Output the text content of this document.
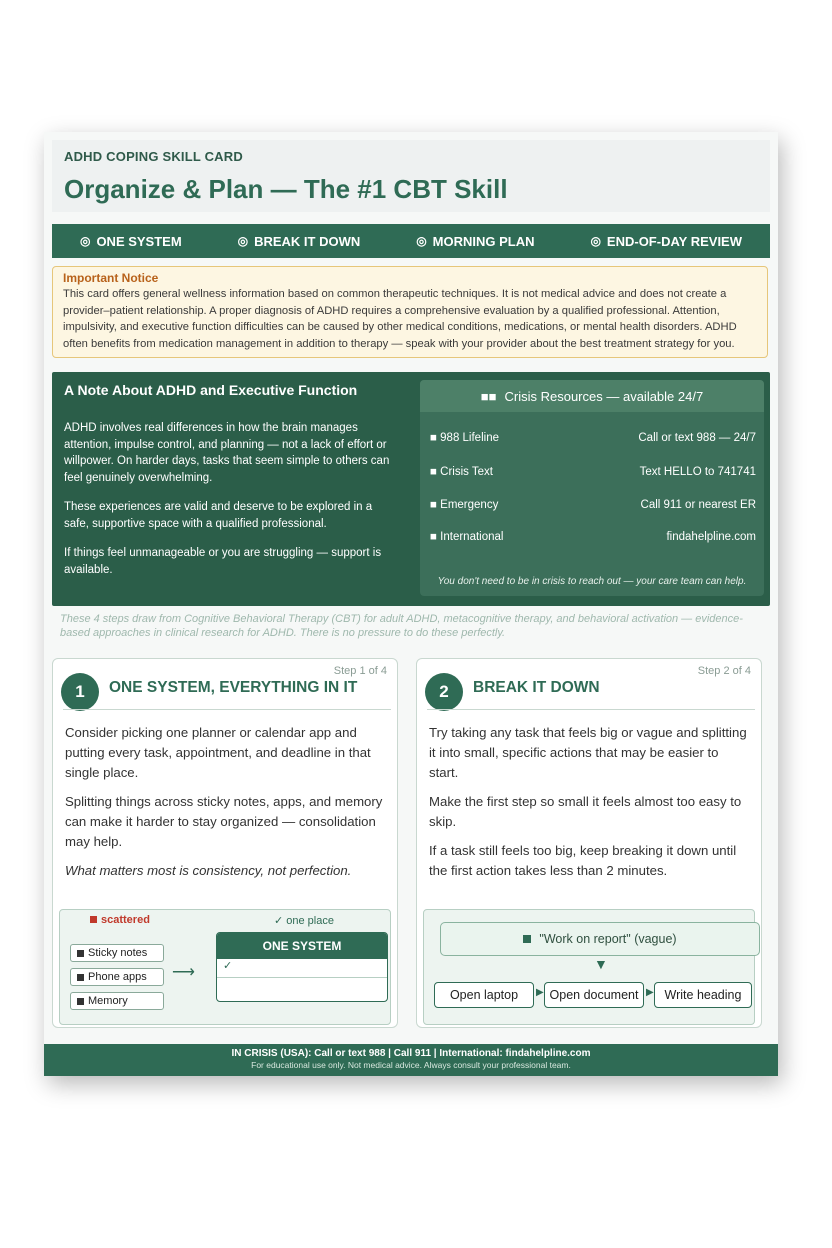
ADHD COPING SKILL CARD
Organize & Plan — The #1 CBT Skill
◎ ONE SYSTEM	◎ BREAK IT DOWN	◎ MORNING PLAN	◎ END-OF-DAY REVIEW
Important Notice
This card offers general wellness information based on common therapeutic techniques. It is not medical advice and does not create a provider–patient relationship. A proper diagnosis of ADHD requires a comprehensive evaluation by a qualified professional. Attention, impulsivity, and executive function difficulties can be caused by other medical conditions, medications, or mental health disorders. ADHD often benefits from medication management in addition to therapy — speak with your provider about the best treatment strategy for you.
A Note About ADHD and Executive Function

ADHD involves real differences in how the brain manages attention, impulse control, and planning — not a lack of effort or willpower. On harder days, tasks that seem simple to others can feel genuinely overwhelming.

These experiences are valid and deserve to be explored in a safe, supportive space with a qualified professional.

If things feel unmanageable or you are struggling — support is available.

■■ Crisis Resources — available 24/7
■ 988 Lifeline	Call or text 988 — 24/7
■ Crisis Text	Text HELLO to 741741
■ Emergency	Call 911 or nearest ER
■ International	findahelpline.com
You don't need to be in crisis to reach out — your care team can help.
These 4 steps draw from Cognitive Behavioral Therapy (CBT) for adult ADHD, metacognitive therapy, and behavioral activation — evidence-based approaches in clinical research for ADHD. There is no pressure to do these perfectly.
1
Step 1 of 4
ONE SYSTEM, EVERYTHING IN IT

Consider picking one planner or calendar app and putting every task, appointment, and deadline in that single place.

Splitting things across sticky notes, apps, and memory can make it harder to stay organized — consolidation may help.

What matters most is consistency, not perfection.

scattered	✓ one place
Sticky notes
Phone apps
Memory
⟶
ONE SYSTEM
✓
2
Step 2 of 4
BREAK IT DOWN

Try taking any task that feels big or vague and splitting it into small, specific actions that may be easier to start.

Make the first step so small it feels almost too easy to skip.

If a task still feels too big, keep breaking it down until the first action takes less than 2 minutes.

"Work on report" (vague)
▼
Open laptop	▶ Open document ▶ Write heading
IN CRISIS (USA): Call or text 988 | Call 911 | International: findahelpline.com
For educational use only. Not medical advice. Always consult your professional team.
